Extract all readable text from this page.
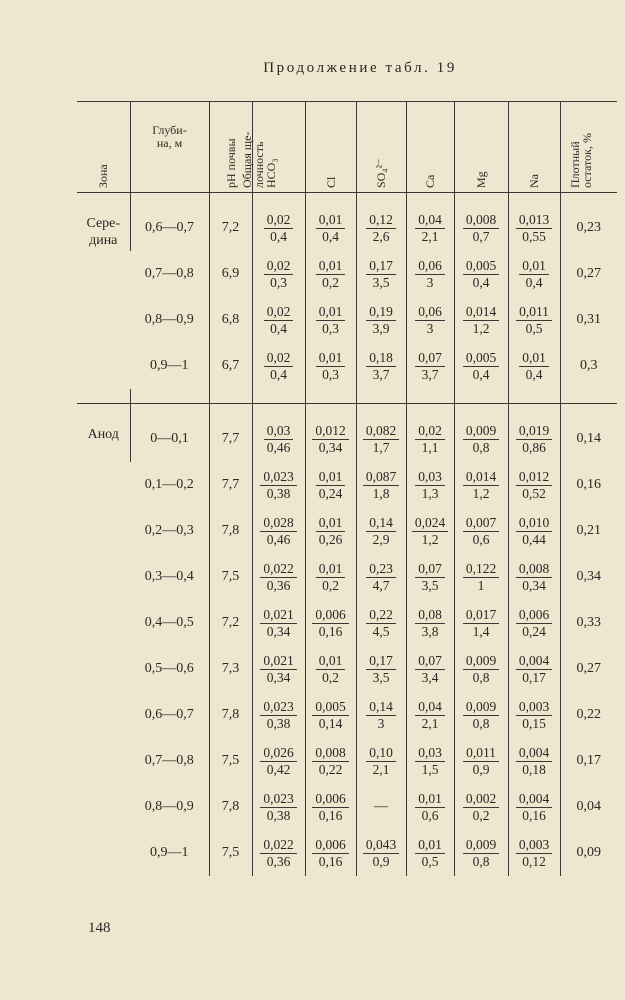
Продолжение табл. 19
Зона	Глуби-
на, м	рН почвы	Общая ще-
лочность
HCO₃	Cl	SO₄²⁻	Ca	Mg	Na	Плотный
остаток, %

Сере-
дина	0,6—0,7	7,2	$\frac{0,02}{0,4}$	$\frac{0,01}{0,4}$	$\frac{0,12}{2,6}$	$\frac{0,04}{2,1}$	$\frac{0,008}{0,7}$	$\frac{0,013}{0,55}$	0,23
	0,7—0,8	6,9	$\frac{0,02}{0,3}$	$\frac{0,01}{0,2}$	$\frac{0,17}{3,5}$	$\frac{0,06}{3}$	$\frac{0,005}{0,4}$	$\frac{0,01}{0,4}$	0,27
	0,8—0,9	6,8	$\frac{0,02}{0,4}$	$\frac{0,01}{0,3}$	$\frac{0,19}{3,9}$	$\frac{0,06}{3}$	$\frac{0,014}{1,2}$	$\frac{0,011}{0,5}$	0,31
	0,9—1	6,7	$\frac{0,02}{0,4}$	$\frac{0,01}{0,3}$	$\frac{0,18}{3,7}$	$\frac{0,07}{3,7}$	$\frac{0,005}{0,4}$	$\frac{0,01}{0,4}$	0,3

Анод	0—0,1	7,7	$\frac{0,03}{0,46}$	$\frac{0,012}{0,34}$	$\frac{0,082}{1,7}$	$\frac{0,02}{1,1}$	$\frac{0,009}{0,8}$	$\frac{0,019}{0,86}$	0,14
	0,1—0,2	7,7	$\frac{0,023}{0,38}$	$\frac{0,01}{0,24}$	$\frac{0,087}{1,8}$	$\frac{0,03}{1,3}$	$\frac{0,014}{1,2}$	$\frac{0,012}{0,52}$	0,16
	0,2—0,3	7,8	$\frac{0,028}{0,46}$	$\frac{0,01}{0,26}$	$\frac{0,14}{2,9}$	$\frac{0,024}{1,2}$	$\frac{0,007}{0,6}$	$\frac{0,010}{0,44}$	0,21
	0,3—0,4	7,5	$\frac{0,022}{0,36}$	$\frac{0,01}{0,2}$	$\frac{0,23}{4,7}$	$\frac{0,07}{3,5}$	$\frac{0,122}{1}$	$\frac{0,008}{0,34}$	0,34
	0,4—0,5	7,2	$\frac{0,021}{0,34}$	$\frac{0,006}{0,16}$	$\frac{0,22}{4,5}$	$\frac{0,08}{3,8}$	$\frac{0,017}{1,4}$	$\frac{0,006}{0,24}$	0,33
	0,5—0,6	7,3	$\frac{0,021}{0,34}$	$\frac{0,01}{0,2}$	$\frac{0,17}{3,5}$	$\frac{0,07}{3,4}$	$\frac{0,009}{0,8}$	$\frac{0,004}{0,17}$	0,27
	0,6—0,7	7,8	$\frac{0,023}{0,38}$	$\frac{0,005}{0,14}$	$\frac{0,14}{3}$	$\frac{0,04}{2,1}$	$\frac{0,009}{0,8}$	$\frac{0,003}{0,15}$	0,22
	0,7—0,8	7,5	$\frac{0,026}{0,42}$	$\frac{0,008}{0,22}$	$\frac{0,10}{2,1}$	$\frac{0,03}{1,5}$	$\frac{0,011}{0,9}$	$\frac{0,004}{0,18}$	0,17
	0,8—0,9	7,8	$\frac{0,023}{0,38}$	$\frac{0,006}{0,16}$	—	$\frac{0,01}{0,6}$	$\frac{0,002}{0,2}$	$\frac{0,004}{0,16}$	0,04
	0,9—1	7,5	$\frac{0,022}{0,36}$	$\frac{0,006}{0,16}$	$\frac{0,043}{0,9}$	$\frac{0,01}{0,5}$	$\frac{0,009}{0,8}$	$\frac{0,003}{0,12}$	0,09
148
